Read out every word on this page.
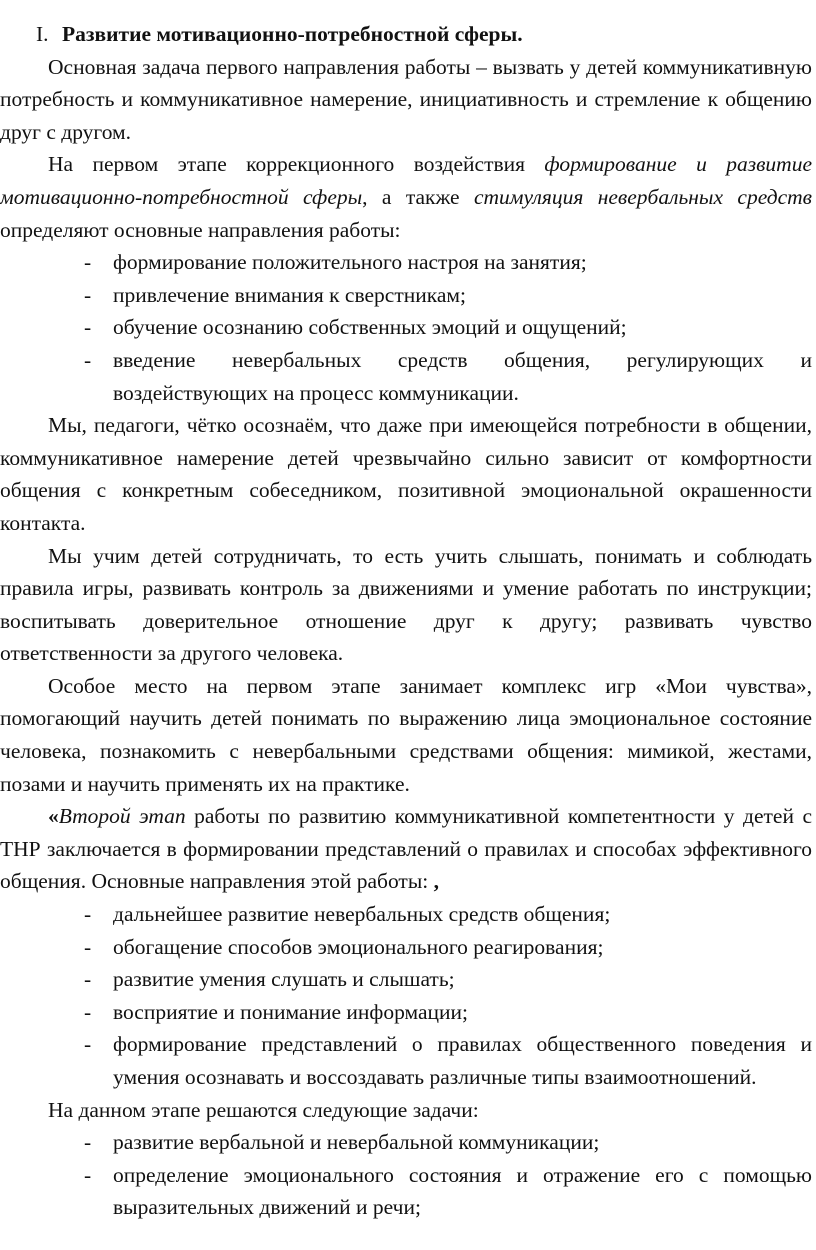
I. Развитие мотивационно-потребностной сферы.

Основная задача первого направления работы – вызвать у детей коммуникативную потребность и коммуникативное намерение, инициативность и стремление к общению друг с другом.

На первом этапе коррекционного воздействия формирование и развитие мотивационно-потребностной сферы, а также стимуляция невербальных средств определяют основные направления работы:

- формирование положительного настроя на занятия;
- привлечение внимания к сверстникам;
- обучение осознанию собственных эмоций и ощущений;
- введение невербальных средств общения, регулирующих и воздействующих на процесс коммуникации.

Мы, педагоги, чётко осознаём, что даже при имеющейся потребности в общении, коммуникативное намерение детей чрезвычайно сильно зависит от комфортности общения с конкретным собеседником, позитивной эмоциональной окрашенности контакта.

Мы учим детей сотрудничать, то есть учить слышать, понимать и соблюдать правила игры, развивать контроль за движениями и умение работать по инструкции; воспитывать доверительное отношение друг к другу; развивать чувство ответственности за другого человека.

Особое место на первом этапе занимает комплекс игр «Мои чувства», помогающий научить детей понимать по выражению лица эмоциональное состояние человека, познакомить с невербальными средствами общения: мимикой, жестами, позами и научить применять их на практике.

«Второй этап работы по развитию коммуникативной компетентности у детей с ТНР заключается в формировании представлений о правилах и способах эффективного общения. Основные направления этой работы: ,

- дальнейшее развитие невербальных средств общения;
- обогащение способов эмоционального реагирования;
- развитие умения слушать и слышать;
- восприятие и понимание информации;
- формирование представлений о правилах общественного поведения и умения осознавать и воссоздавать различные типы взаимоотношений.

На данном этапе решаются следующие задачи:

- развитие вербальной и невербальной коммуникации;
- определение эмоционального состояния и отражение его с помощью выразительных движений и речи;
